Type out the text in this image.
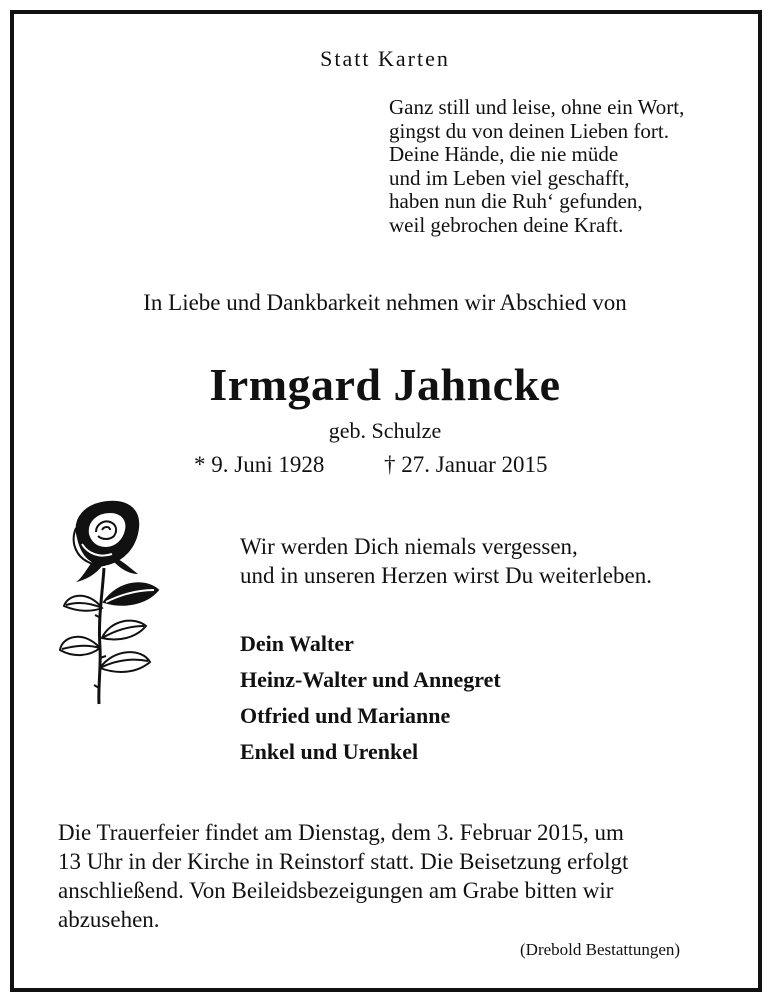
Statt Karten
Ganz still und leise, ohne ein Wort,
gingst du von deinen Lieben fort.
Deine Hände, die nie müde
und im Leben viel geschafft,
haben nun die Ruh‘ gefunden,
weil gebrochen deine Kraft.
In Liebe und Dankbarkeit nehmen wir Abschied von
Irmgard Jahncke
geb. Schulze
* 9. Juni 1928	† 27. Januar 2015
Wir werden Dich niemals vergessen,
und in unseren Herzen wirst Du weiterleben.
Dein Walter
Heinz-Walter und Annegret
Otfried und Marianne
Enkel und Urenkel
Die Trauerfeier findet am Dienstag, dem 3. Februar 2015, um
13 Uhr in der Kirche in Reinstorf statt. Die Beisetzung erfolgt
anschließend. Von Beileidsbezeigungen am Grabe bitten wir
abzusehen.
(Drebold Bestattungen)
